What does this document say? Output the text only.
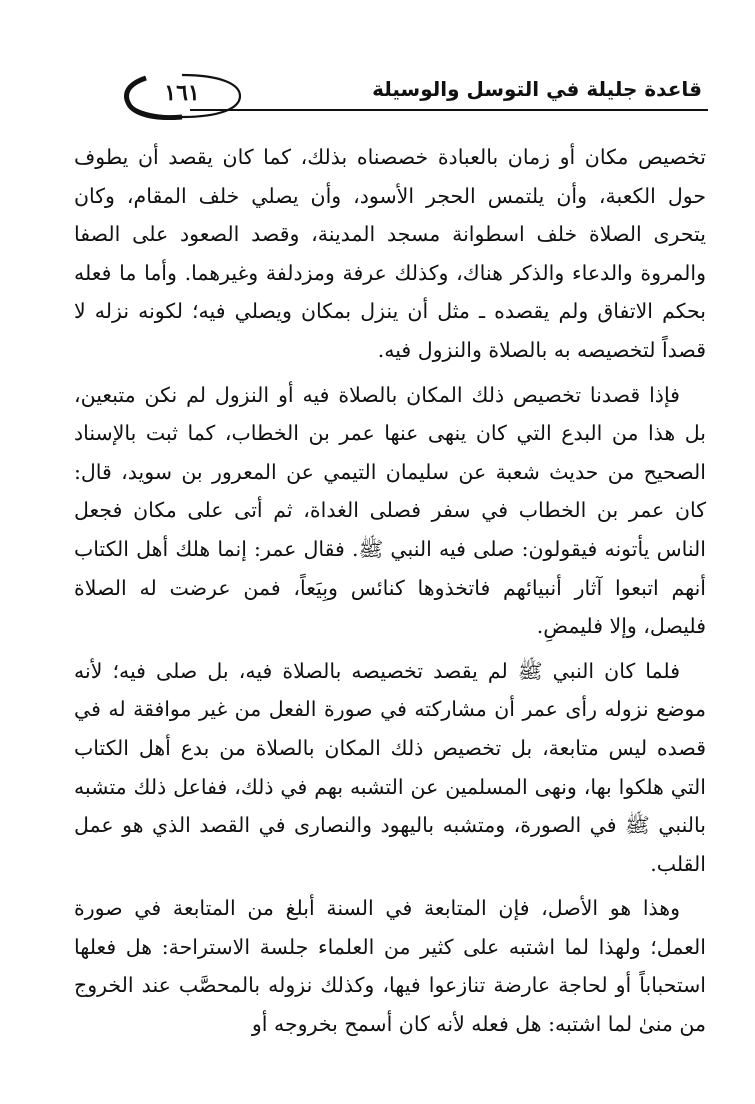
قاعدة جليلة في التوسل والوسيلة
١٦١

تخصيص مكان أو زمان بالعبادة خصصناه بذلك، كما كان يقصد أن يطوف حول الكعبة، وأن يلتمس الحجر الأسود، وأن يصلي خلف المقام، وكان يتحرى الصلاة خلف اسطوانة مسجد المدينة، وقصد الصعود على الصفا والمروة والدعاء والذكر هناك، وكذلك عرفة ومزدلفة وغيرهما. وأما ما فعله بحكم الاتفاق ولم يقصده ـ مثل أن ينزل بمكان ويصلي فيه؛ لكونه نزله لا قصداً لتخصيصه به بالصلاة والنزول فيه.

فإذا قصدنا تخصيص ذلك المكان بالصلاة فيه أو النزول لم نكن متبعين، بل هذا من البدع التي كان ينهى عنها عمر بن الخطاب، كما ثبت بالإسناد الصحيح من حديث شعبة عن سليمان التيمي عن المعرور بن سويد، قال: كان عمر بن الخطاب في سفر فصلى الغداة، ثم أتى على مكان فجعل الناس يأتونه فيقولون: صلى فيه النبي ﷺ. فقال عمر: إنما هلك أهل الكتاب أنهم اتبعوا آثار أنبيائهم فاتخذوها كنائس وبِيَعاً، فمن عرضت له الصلاة فليصل، وإلا فليمضِ.

فلما كان النبي ﷺ لم يقصد تخصيصه بالصلاة فيه، بل صلى فيه؛ لأنه موضع نزوله رأى عمر أن مشاركته في صورة الفعل من غير موافقة له في قصده ليس متابعة، بل تخصيص ذلك المكان بالصلاة من بدع أهل الكتاب التي هلكوا بها، ونهى المسلمين عن التشبه بهم في ذلك، ففاعل ذلك متشبه بالنبي ﷺ في الصورة، ومتشبه باليهود والنصارى في القصد الذي هو عمل القلب.

وهذا هو الأصل، فإن المتابعة في السنة أبلغ من المتابعة في صورة العمل؛ ولهذا لما اشتبه على كثير من العلماء جلسة الاستراحة: هل فعلها استحباباً أو لحاجة عارضة تنازعوا فيها، وكذلك نزوله بالمحصَّب عند الخروج من منىٰ لما اشتبه: هل فعله لأنه كان أسمح بخروجه أو
